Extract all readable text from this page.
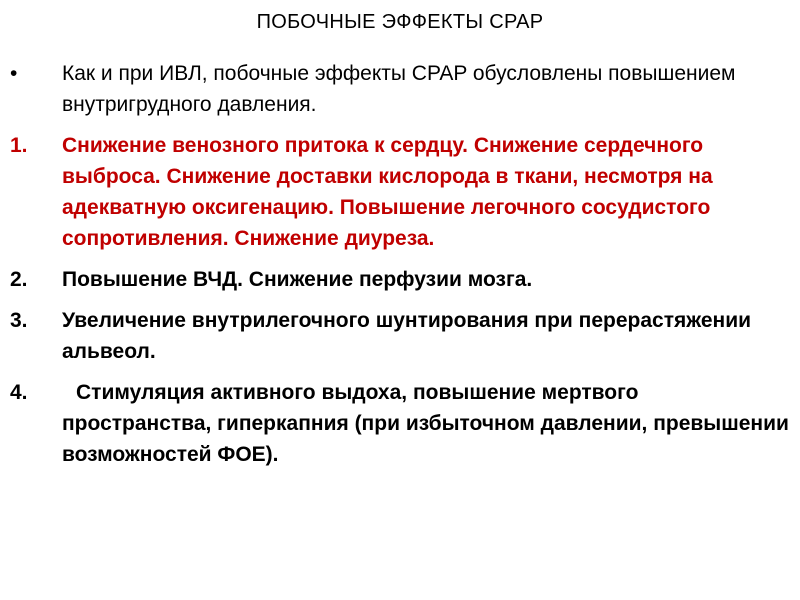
ПОБОЧНЫЕ ЭФФЕКТЫ CPAP
•	Как и при ИВЛ, побочные эффекты CPAP обусловлены повышением внутригрудного давления.
1.	Снижение венозного притока к сердцу. Снижение сердечного выброса. Снижение доставки кислорода в ткани, несмотря на адекватную оксигенацию. Повышение легочного сосудистого сопротивления. Снижение диуреза.
2.	Повышение ВЧД. Снижение перфузии мозга.
3.	Увеличение внутрилегочного шунтирования при перерастяжении альвеол.
4.	Стимуляция активного выдоха, повышение мертвого пространства, гиперкапния (при избыточном давлении, превышении возможностей ФОЕ).
